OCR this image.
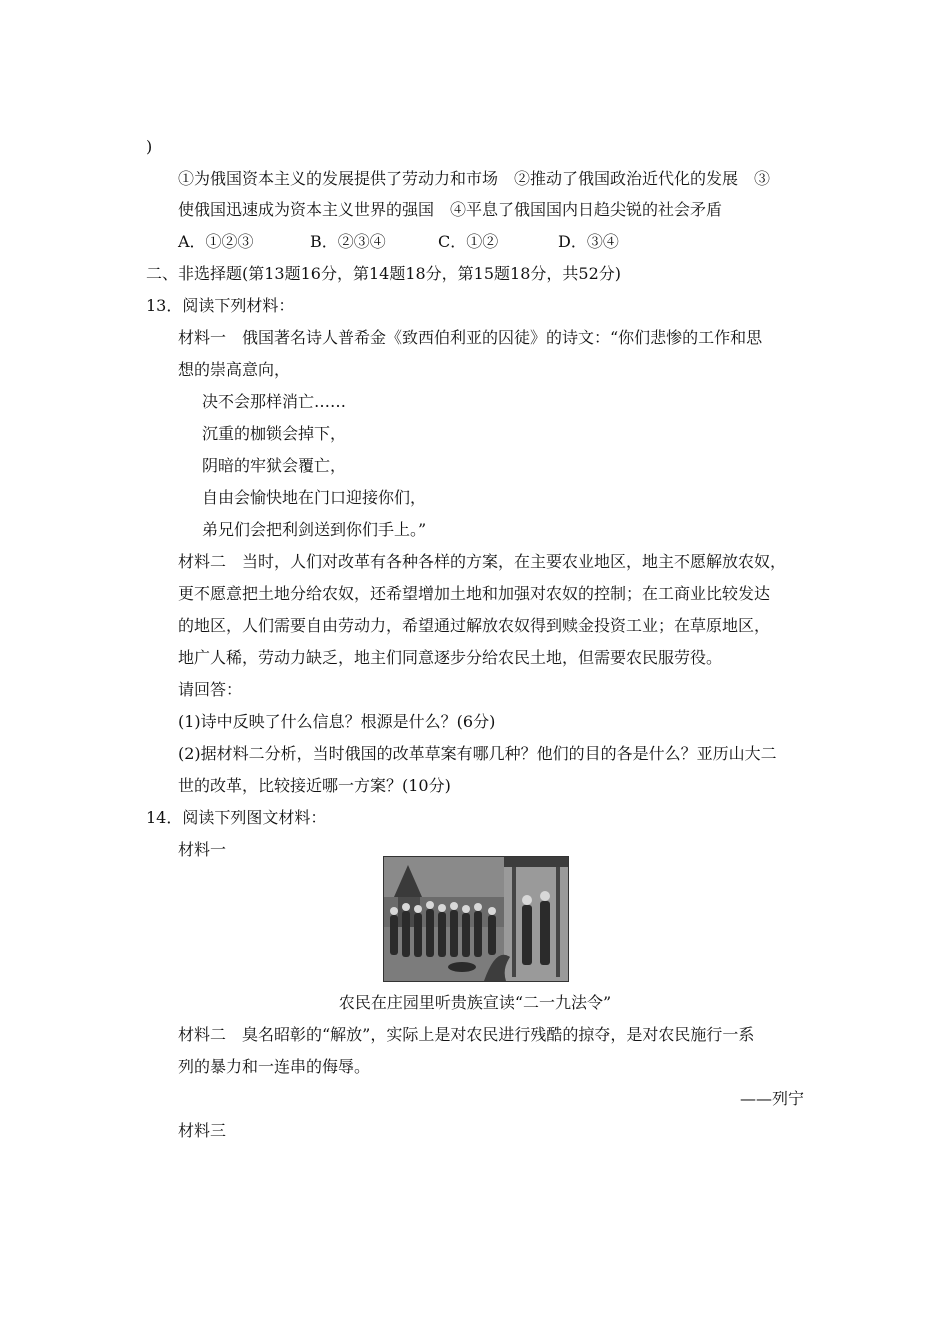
)
①为俄国资本主义的发展提供了劳动力和市场　②推动了俄国政治近代化的发展　③
使俄国迅速成为资本主义世界的强国　④平息了俄国国内日趋尖锐的社会矛盾
A．①②③	B．②③④	C．①②	D．③④
二、非选择题(第13题16分，第14题18分，第15题18分，共52分)
13．阅读下列材料：
材料一　俄国著名诗人普希金《致西伯利亚的囚徒》的诗文：“你们悲惨的工作和思
想的崇高意向，
决不会那样消亡……
沉重的枷锁会掉下，
阴暗的牢狱会覆亡，
自由会愉快地在门口迎接你们，
弟兄们会把利剑送到你们手上。”
材料二　当时，人们对改革有各种各样的方案，在主要农业地区，地主不愿解放农奴，
更不愿意把土地分给农奴，还希望增加土地和加强对农奴的控制；在工商业比较发达
的地区，人们需要自由劳动力，希望通过解放农奴得到赎金投资工业；在草原地区，
地广人稀，劳动力缺乏，地主们同意逐步分给农民土地，但需要农民服劳役。
请回答：
(1)诗中反映了什么信息？根源是什么？(6分)
(2)据材料二分析，当时俄国的改革草案有哪几种？他们的目的各是什么？亚历山大二
世的改革，比较接近哪一方案？(10分)
14．阅读下列图文材料：
材料一
农民在庄园里听贵族宣读“二一九法令”
材料二　臭名昭彰的“解放”，实际上是对农民进行残酷的掠夺，是对农民施行一系
列的暴力和一连串的侮辱。
——列宁
材料三
